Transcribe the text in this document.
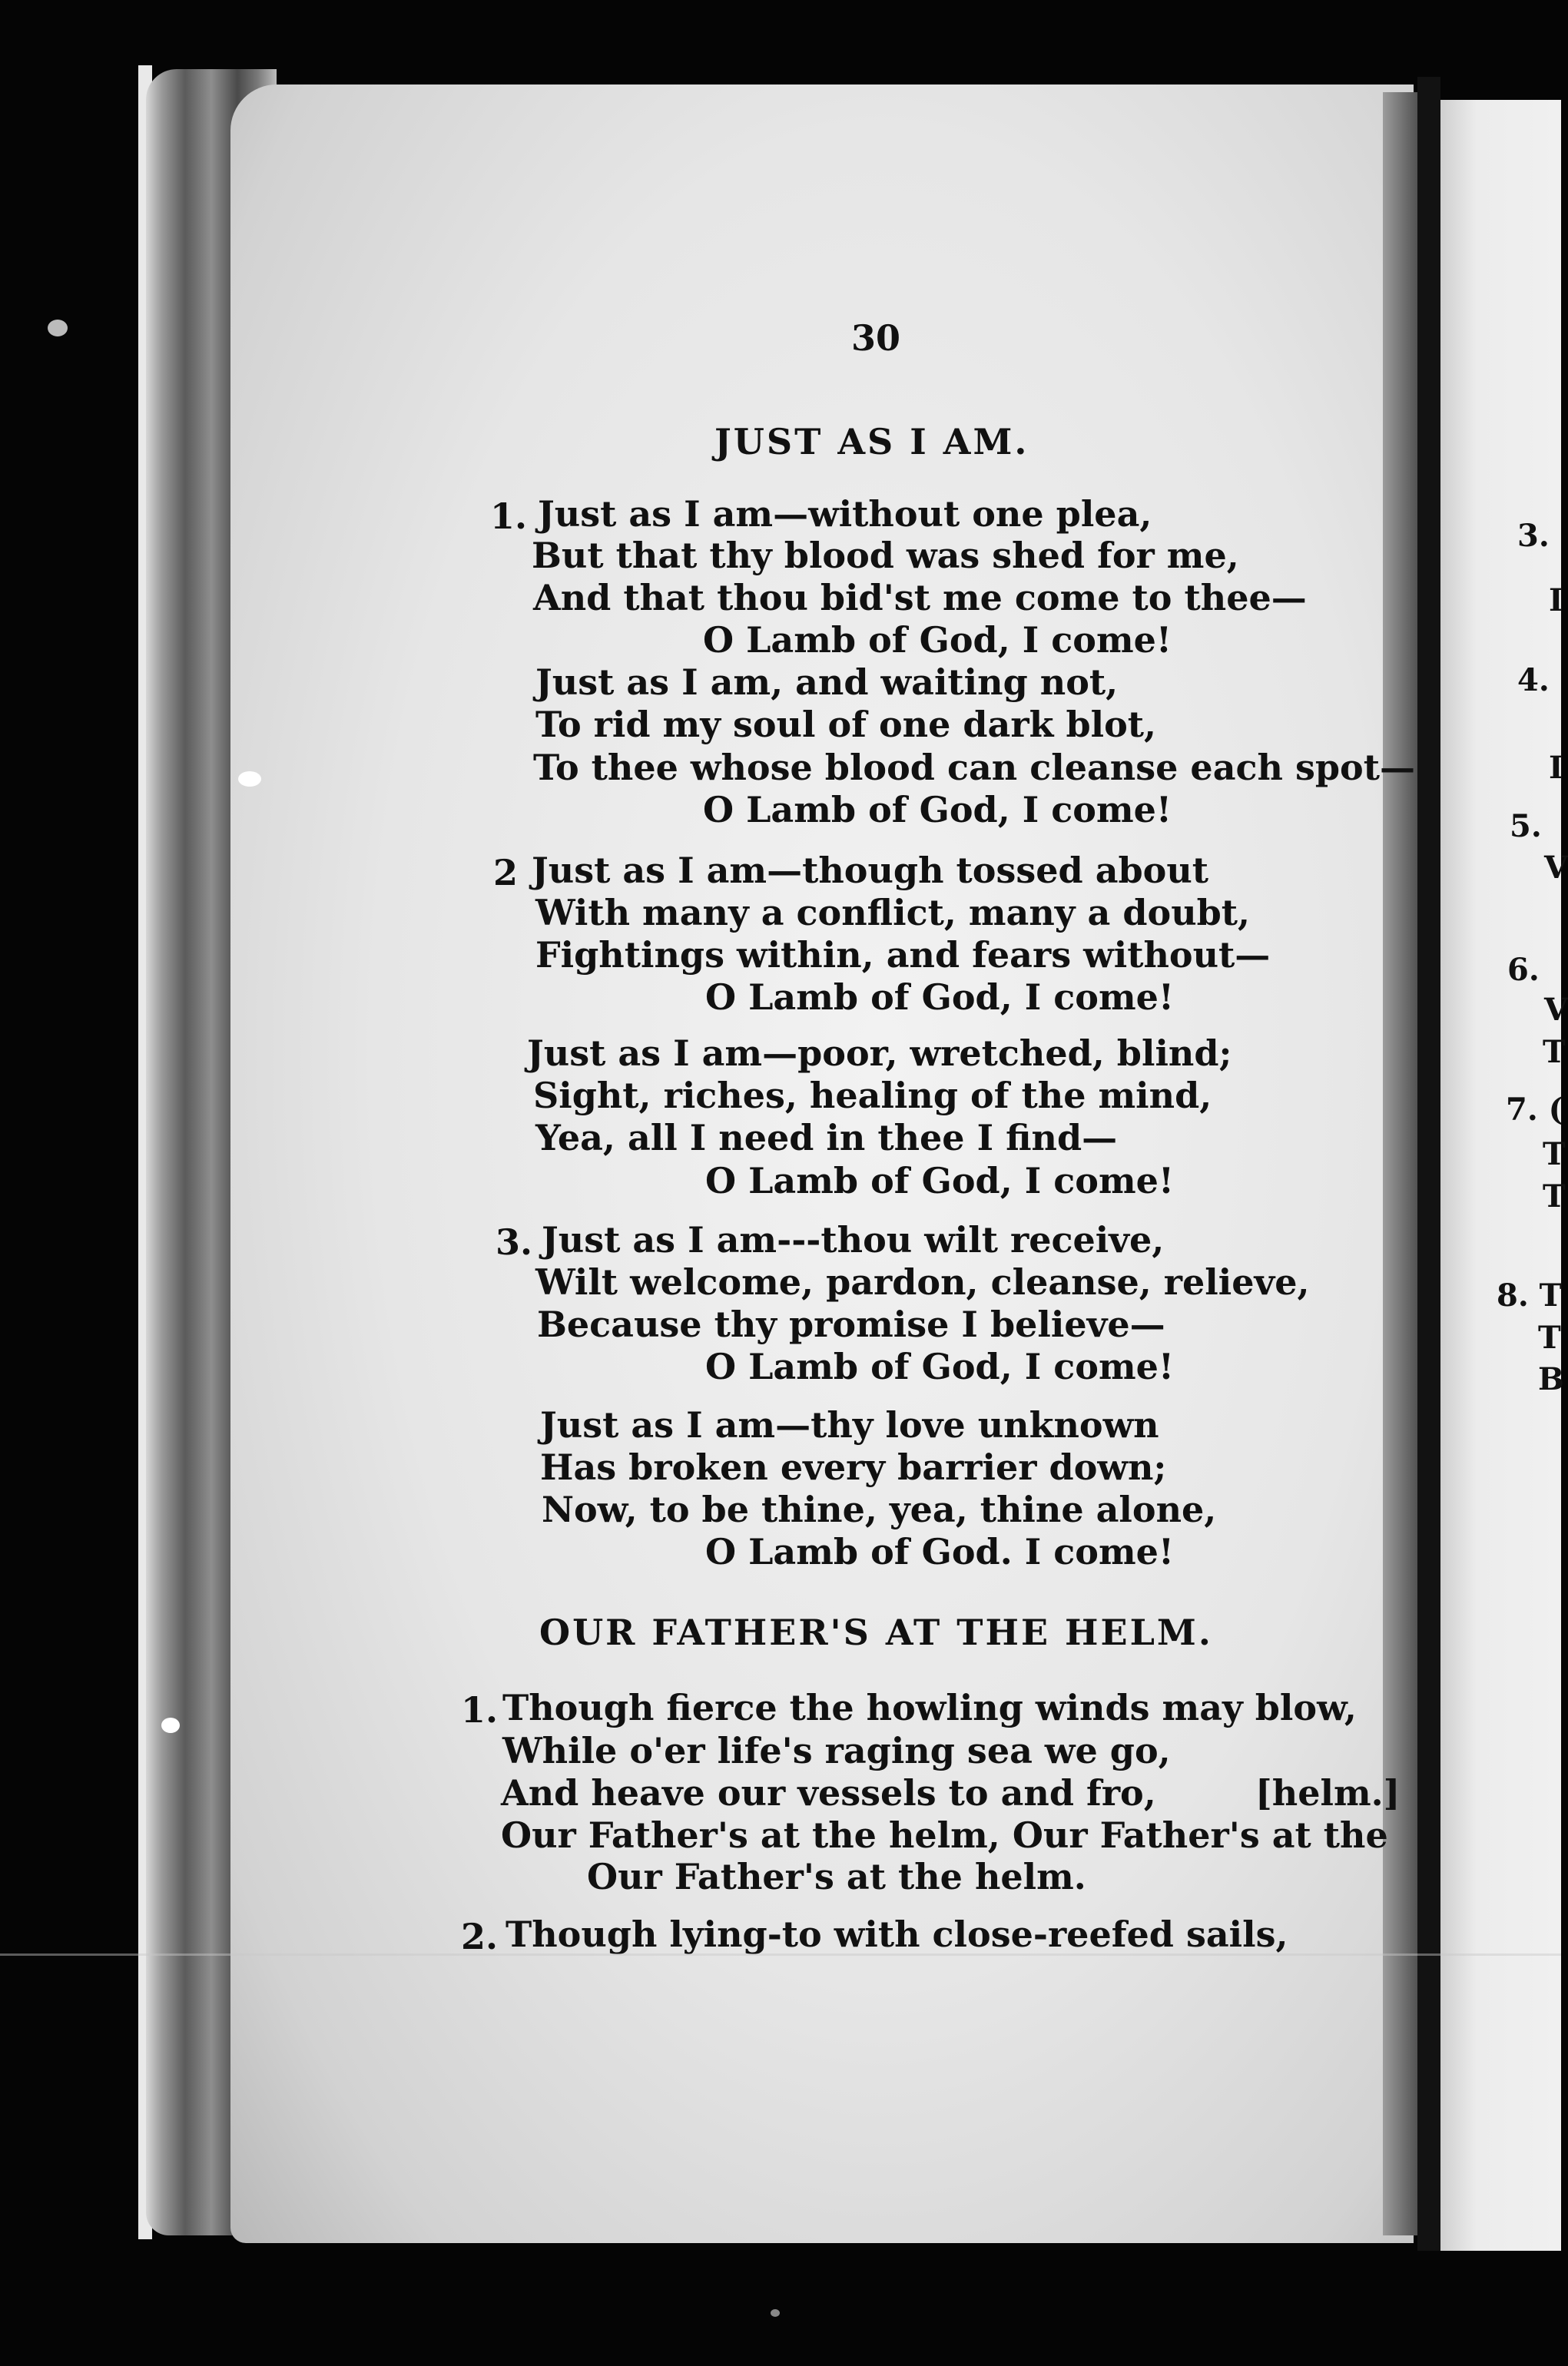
30
JUST AS I AM.
1. Just as I am—without one plea,
But that thy blood was shed for me,
And that thou bid'st me come to thee—
O Lamb of God, I come!
Just as I am, and waiting not,
To rid my soul of one dark blot,
To thee whose blood can cleanse each spot—
O Lamb of God, I come!
2 Just as I am—though tossed about
With many a conflict, many a doubt,
Fightings within, and fears without—
O Lamb of God, I come!
Just as I am—poor, wretched, blind;
Sight, riches, healing of the mind,
Yea, all I need in thee I find—
O Lamb of God, I come!
3. Just as I am---thou wilt receive,
Wilt welcome, pardon, cleanse, relieve,
Because thy promise I believe—
O Lamb of God, I come!
Just as I am—thy love unknown
Has broken every barrier down;
Now, to be thine, yea, thine alone,
O Lamb of God. I come!
OUR FATHER'S AT THE HELM.
1. Though fierce the howling winds may blow,
While o'er life's raging sea we go,
And heave our vessels to and fro,	[helm.]
Our Father's at the helm, Our Father's at the
Our Father's at the helm.
2. Though lying-to with close-reefed sails,
3.
4.
5.
6.
7. (
8. T
T
B
I
I
V
V
T
T
T
